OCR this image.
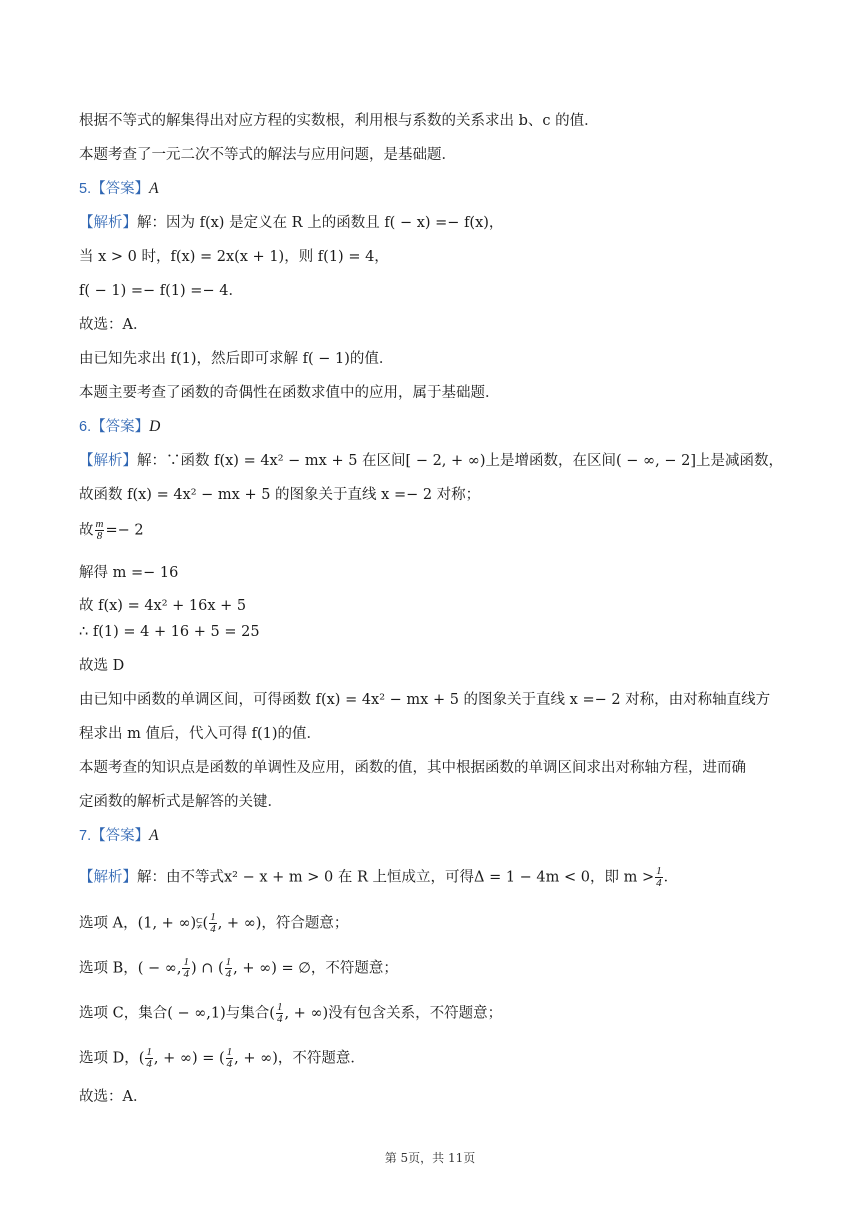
根据不等式的解集得出对应方程的实数根，利用根与系数的关系求出 b、c 的值．
本题考查了一元二次不等式的解法与应用问题，是基础题．
5.【答案】A
【解析】解：因为 f(x) 是定义在 R 上的函数且 f( − x) =− f(x)，
当 x > 0 时，f(x) = 2x(x + 1)，则 f(1) = 4，
f( − 1) =− f(1) =− 4．
故选：A．
由已知先求出 f(1)，然后即可求解 f( − 1)的值．
本题主要考查了函数的奇偶性在函数求值中的应用，属于基础题．
6.【答案】D
【解析】解：∵函数 f(x) = 4x² − mx + 5 在区间[ − 2, + ∞)上是增函数，在区间( − ∞, − 2]上是减函数，
故函数 f(x) = 4x² − mx + 5 的图象关于直线 x =− 2 对称；
故 $\frac{m}{8} =- 2$
解得 m =− 16
故 f(x) = 4x² + 16x + 5
∴ f(1) = 4 + 16 + 5 = 25
故选 D
由已知中函数的单调区间，可得函数 f(x) = 4x² − mx + 5 的图象关于直线 x =− 2 对称，由对称轴直线方
程求出 m 值后，代入可得 f(1)的值．
本题考查的知识点是函数的单调性及应用，函数的值，其中根据函数的单调区间求出对称轴方程，进而确
定函数的解析式是解答的关键．
7.【答案】A
【解析】解：由不等式x² − x + m > 0 在 R 上恒成立，可得Δ = 1 − 4m < 0，即 $m > \frac{1}{4}$ ．
选项 A，(1, + ∞)⫋( $\frac{1}{4}$ , + ∞)，符合题意；
选项 B，( − ∞, $\frac{1}{4}$ ) ∩ ( $\frac{1}{4}$ , + ∞) = ∅，不符题意；
选项 C，集合( − ∞,1)与集合( $\frac{1}{4}$ , + ∞)没有包含关系，不符题意；
选项 D，( $\frac{1}{4}$ , + ∞) = ( $\frac{1}{4}$ , + ∞)，不符题意．
故选：A．
第 5页，共 11页
